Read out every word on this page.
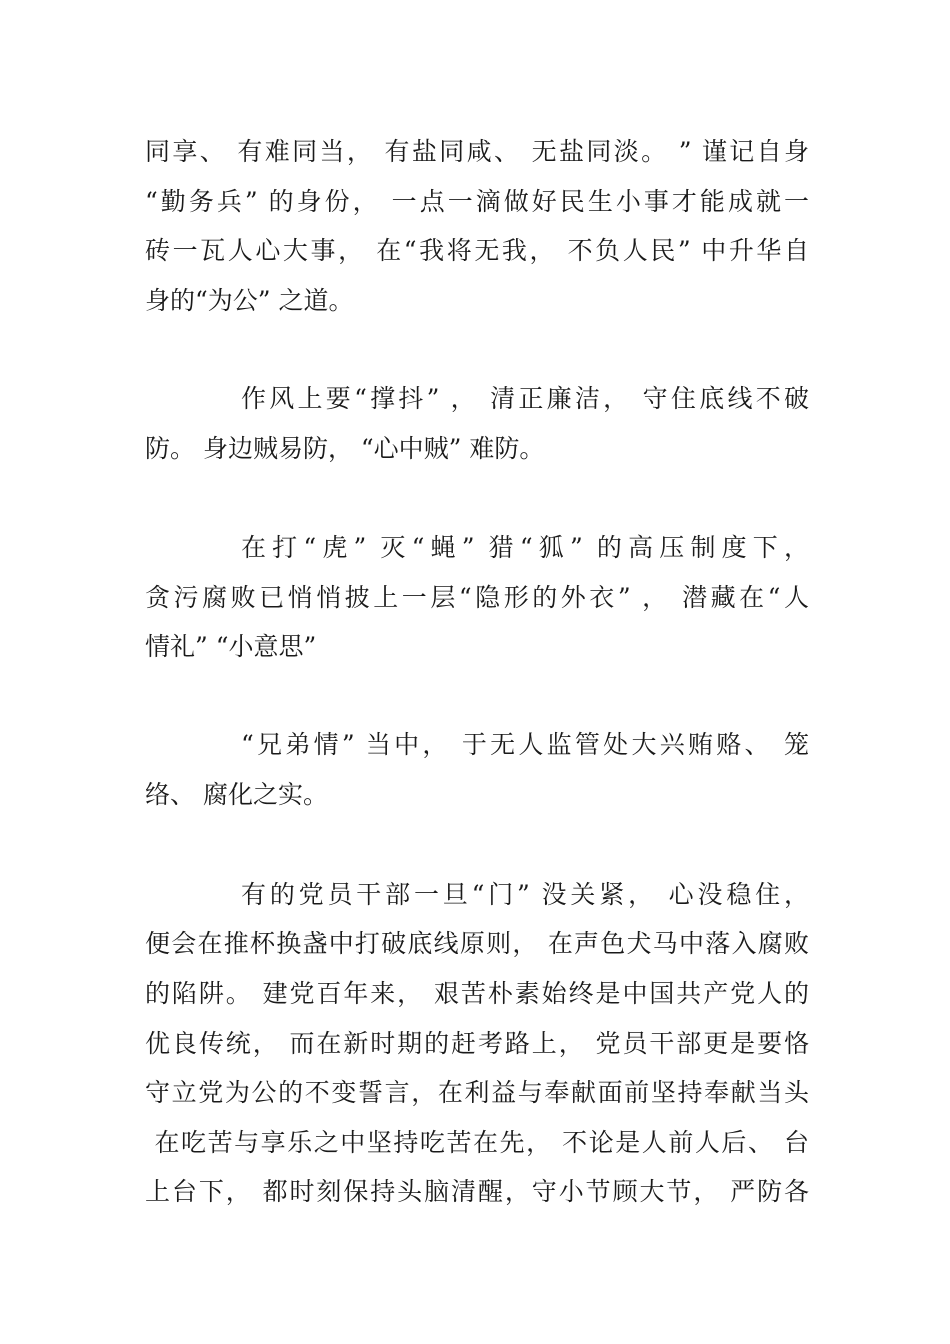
同享、 有难同当， 有盐同咸、 无盐同淡。 ” 谨记自身
“勤务兵” 的身份， 一点一滴做好民生小事才能成就一
砖一瓦人心大事， 在“我将无我， 不负人民” 中升华自
身的“为公” 之道。
作风上要“撑抖” ， 清正廉洁， 守住底线不破
防。 身边贼易防， “心中贼” 难防。
在打“虎” 灭“蝇” 猎“狐” 的高压制度下，
贪污腐败已悄悄披上一层“隐形的外衣” ， 潜藏在“人
情礼” “小意思”
“兄弟情” 当中， 于无人监管处大兴贿赂、 笼
络、 腐化之实。
有的党员干部一旦“门” 没关紧， 心没稳住，
便会在推杯换盏中打破底线原则， 在声色犬马中落入腐败
的陷阱。 建党百年来， 艰苦朴素始终是中国共产党人的
优良传统， 而在新时期的赶考路上， 党员干部更是要恪
守立党为公的不变誓言，在利益与奉献面前坚持奉献当头
在吃苦与享乐之中坚持吃苦在先， 不论是人前人后、 台
上台下， 都时刻保持头脑清醒，守小节顾大节， 严防各
